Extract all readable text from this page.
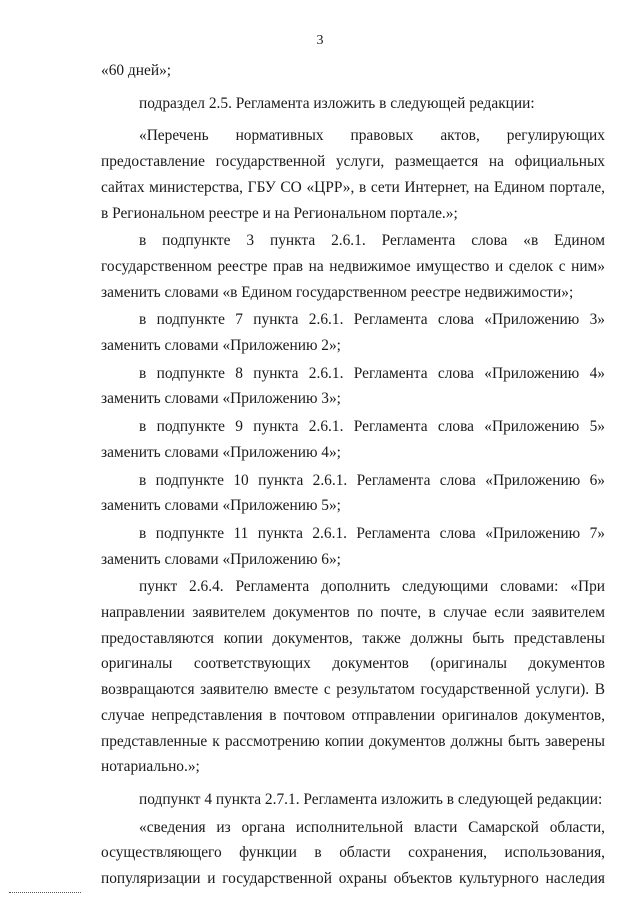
3

«60 дней»;

подраздел 2.5. Регламента изложить в следующей редакции:

«Перечень нормативных правовых актов, регулирующих предоставление государственной услуги, размещается на официальных сайтах министерства, ГБУ СО «ЦРР», в сети Интернет, на Едином портале, в Региональном реестре и на Региональном портале.»;

в подпункте 3 пункта 2.6.1. Регламента слова «в Едином государственном реестре прав на недвижимое имущество и сделок с ним» заменить словами «в Едином государственном реестре недвижимости»;

в подпункте 7 пункта 2.6.1. Регламента слова «Приложению 3» заменить словами «Приложению 2»;

в подпункте 8 пункта 2.6.1. Регламента слова «Приложению 4» заменить словами «Приложению 3»;

в подпункте 9 пункта 2.6.1. Регламента слова «Приложению 5» заменить словами «Приложению 4»;

в подпункте 10 пункта 2.6.1. Регламента слова «Приложению 6» заменить словами «Приложению 5»;

в подпункте 11 пункта 2.6.1. Регламента слова «Приложению 7» заменить словами «Приложению 6»;

пункт 2.6.4. Регламента дополнить следующими словами: «При направлении заявителем документов по почте, в случае если заявителем предоставляются копии документов, также должны быть представлены оригиналы соответствующих документов (оригиналы документов возвращаются заявителю вместе с результатом государственной услуги). В случае непредставления в почтовом отправлении оригиналов документов, представленные к рассмотрению копии документов должны быть заверены нотариально.»;

подпункт 4 пункта 2.7.1. Регламента изложить в следующей редакции:

«сведения из органа исполнительной власти Самарской области, осуществляющего функции в области сохранения, использования, популяризации и государственной охраны объектов культурного наследия
